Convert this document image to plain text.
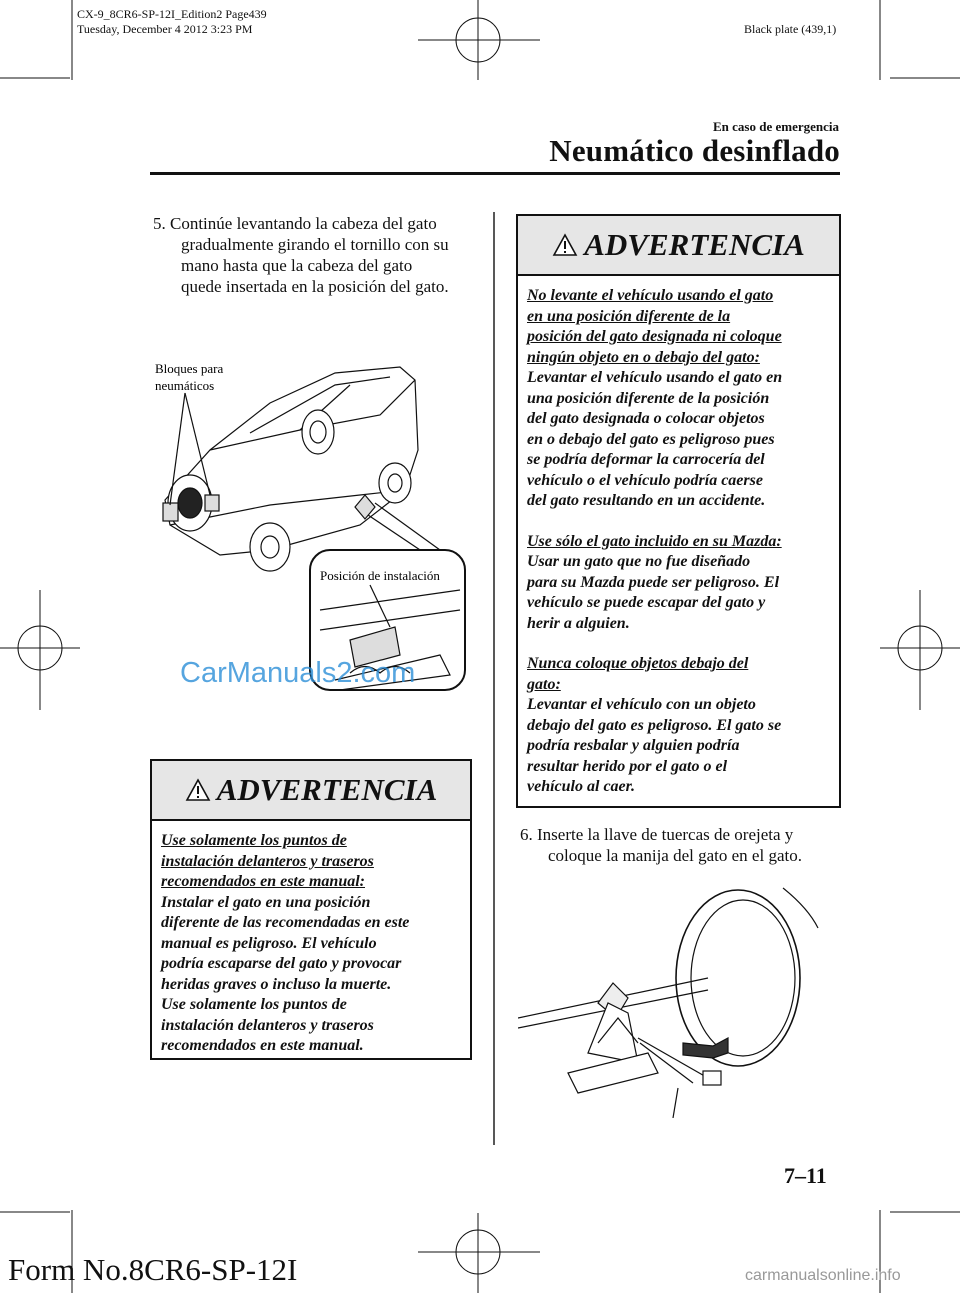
CX-9_8CR6-SP-12I_Edition2 Page439
Tuesday, December 4 2012 3:23 PM	Black plate (439,1)
En caso de emergencia
Neumático desinflado
5. Continúe levantando la cabeza del gato
gradualmente girando el tornillo con su
mano hasta que la cabeza del gato
quede insertada en la posición del gato.
Bloques para
neumáticos
Posición de instalación
CarManuals2.com
ADVERTENCIA

Use solamente los puntos de

instalación delanteros y traseros

recomendados en este manual:

Instalar el gato en una posición

diferente de las recomendadas en este

manual es peligroso. El vehículo

podría escaparse del gato y provocar

heridas graves o incluso la muerte.

Use solamente los puntos de

instalación delanteros y traseros

recomendados en este manual.

ADVERTENCIA

No levante el vehículo usando el gato

en una posición diferente de la

posición del gato designada ni coloque

ningún objeto en o debajo del gato:

Levantar el vehículo usando el gato en

una posición diferente de la posición

del gato designada o colocar objetos

en o debajo del gato es peligroso pues

se podría deformar la carrocería del

vehículo o el vehículo podría caerse

del gato resultando en un accidente.

Use sólo el gato incluido en su Mazda:

Usar un gato que no fue diseñado

para su Mazda puede ser peligroso. El

vehículo se puede escapar del gato y

herir a alguien.

Nunca coloque objetos debajo del

gato:

Levantar el vehículo con un objeto

debajo del gato es peligroso. El gato se

podría resbalar y alguien podría

resultar herido por el gato o el

vehículo al caer.

6. Inserte la llave de tuercas de orejeta y
coloque la manija del gato en el gato.
7–11
Form No.8CR6-SP-12I	carmanualsonline.info
